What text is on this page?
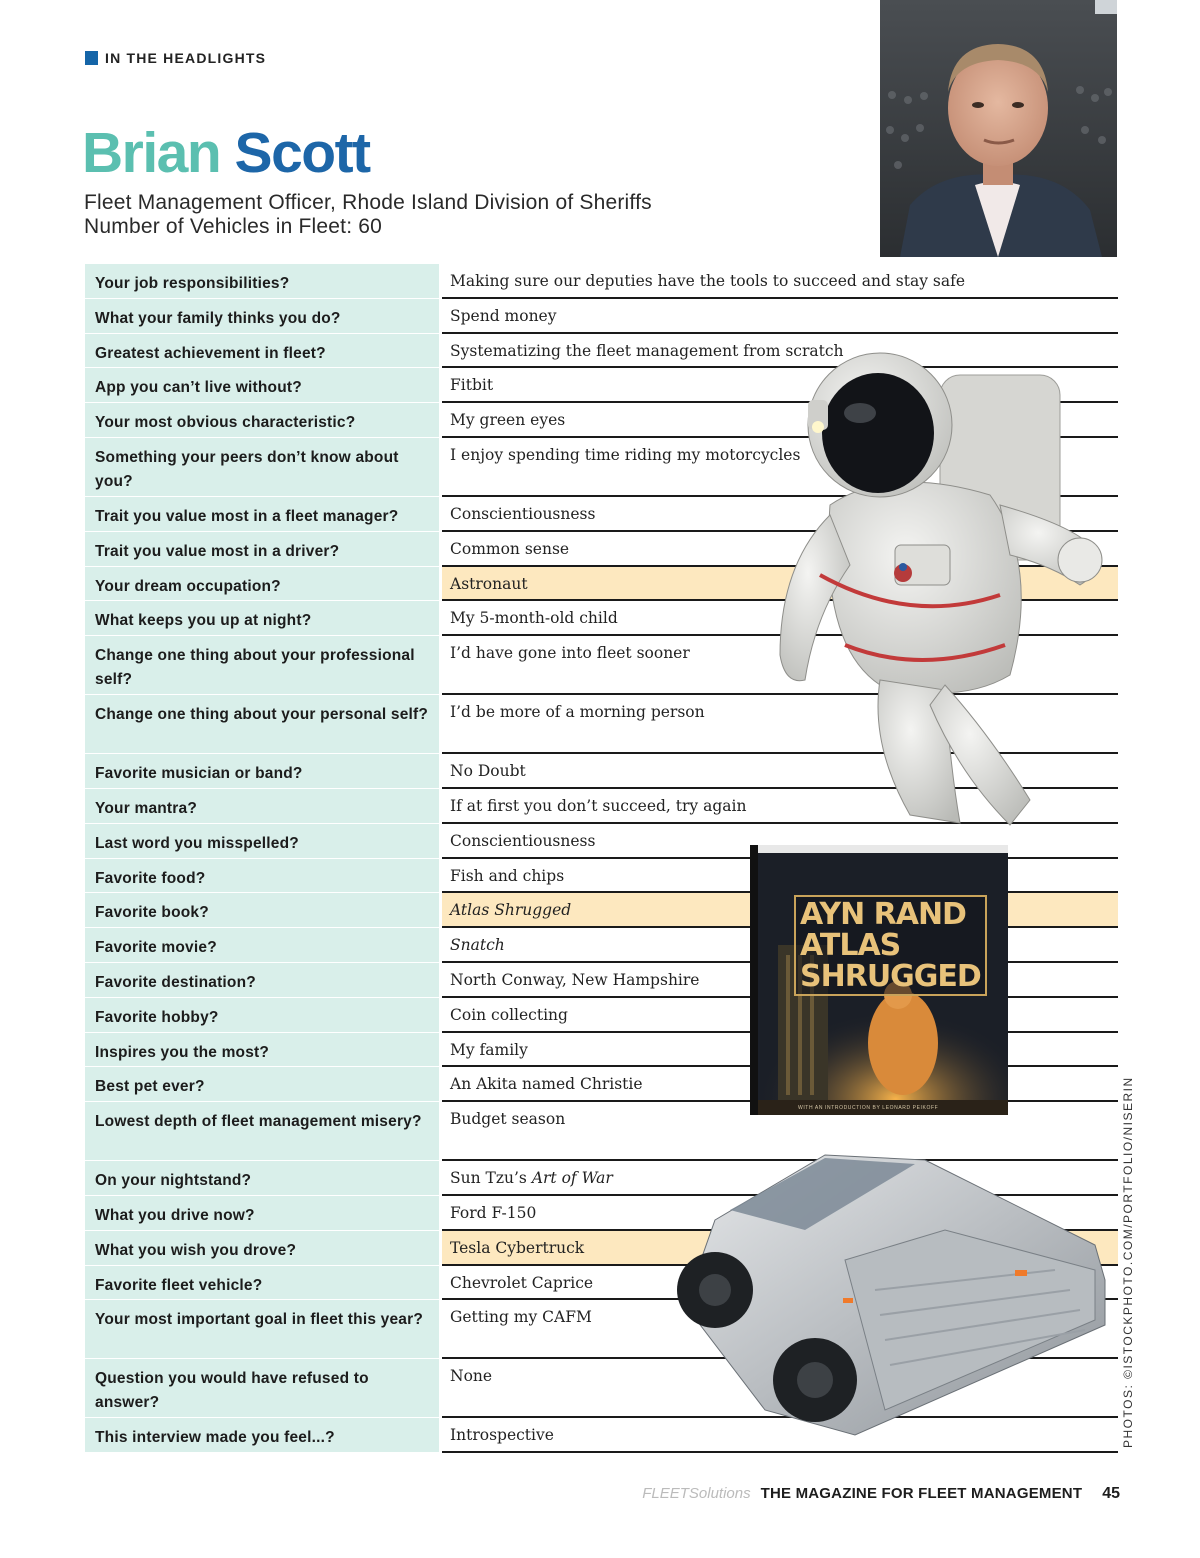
IN THE HEADLIGHTS
Brian Scott
Fleet Management Officer, Rhode Island Division of Sheriffs
Number of Vehicles in Fleet: 60
Your job responsibilities?	Making sure our deputies have the tools to succeed and stay safe
What your family thinks you do?	Spend money
Greatest achievement in fleet?	Systematizing the fleet management from scratch
App you can’t live without?	Fitbit
Your most obvious characteristic?	My green eyes
Something your peers don’t know about you?
I enjoy spending time riding my motorcycles
Trait you value most in a fleet manager?	Conscientiousness
Trait you value most in a driver?	Common sense
Your dream occupation?	Astronaut
What keeps you up at night?	My 5-month-old child
Change one thing about your professional self?
I’d have gone into fleet sooner
Change one thing about your personal self?	I’d be more of a morning person
Favorite musician or band?	No Doubt
Your mantra?	If at first you don’t succeed, try again
Last word you misspelled?	Conscientiousness
Favorite food?	Fish and chips
Favorite book?	Atlas Shrugged
Favorite movie?	Snatch
Favorite destination?	North Conway, New Hampshire
Favorite hobby?	Coin collecting
Inspires you the most?	My family
Best pet ever?	An Akita named Christie
Lowest depth of fleet management misery?	Budget season
On your nightstand?	Sun Tzu’s Art of War
What you drive now?	Ford F-150
What you wish you drove?	Tesla Cybertruck
Favorite fleet vehicle?	Chevrolet Caprice
Your most important goal in fleet this year?	Getting my CAFM
Question you would have refused to answer?
None
This interview made you feel...?	Introspective
AYN RAND
ATLAS
SHRUGGED
WITH AN INTRODUCTION BY LEONARD PEIKOFF	PHOTOS: ©ISTOCKPHOTO.COM/PORTFOLIO/NISERIN
FLEETSolutions THE MAGAZINE FOR FLEET MANAGEMENT 45
